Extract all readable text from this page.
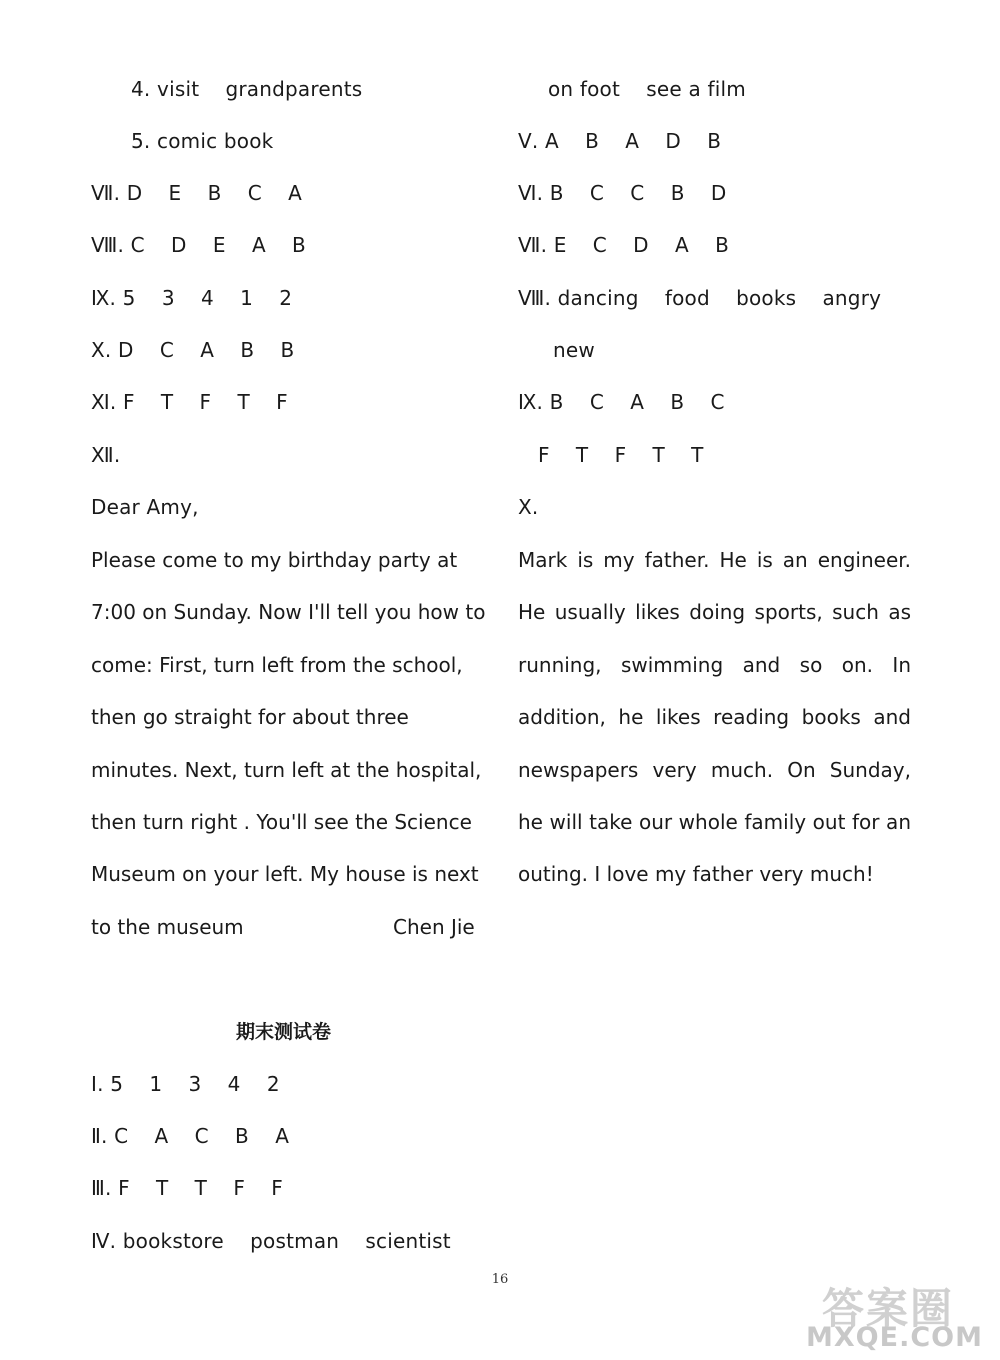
4. visit    grandparents
5. comic book
Ⅶ. D    E    B    C    A
Ⅷ. C    D    E    A    B
Ⅸ. 5    3    4    1    2
Ⅹ. D    C    A    B    B
Ⅺ. F    T    F    T    F
Ⅻ.
Dear Amy,
Please come to my birthday party at 7:00 on Sunday. Now I'll tell you how to come: First, turn left from the school, then go straight for about three minutes. Next, turn left at the hospital, then turn right . You'll see the Science Museum on your left. My house is next to the museum	Chen Jie
on foot    see a film
Ⅴ. A    B    A    D    B
Ⅵ. B    C    C    B    D
Ⅶ. E    C    D    A    B
Ⅷ. dancing    food    books    angry
new
Ⅸ. B    C    A    B    C
F    T    F    T    T
Ⅹ.
Mark is my father. He is an engineer. He usually likes doing sports, such as running, swimming and so on. In addition, he likes reading books and newspapers very much. On Sunday, he will take our whole family out for an outing. I love my father very much!
期末测试卷
I. 5    1    3    4    2
Ⅱ. C    A    C    B    A
Ⅲ. F    T    T    F    F
Ⅳ. bookstore    postman    scientist
16
答案圈
MXQE.COM
